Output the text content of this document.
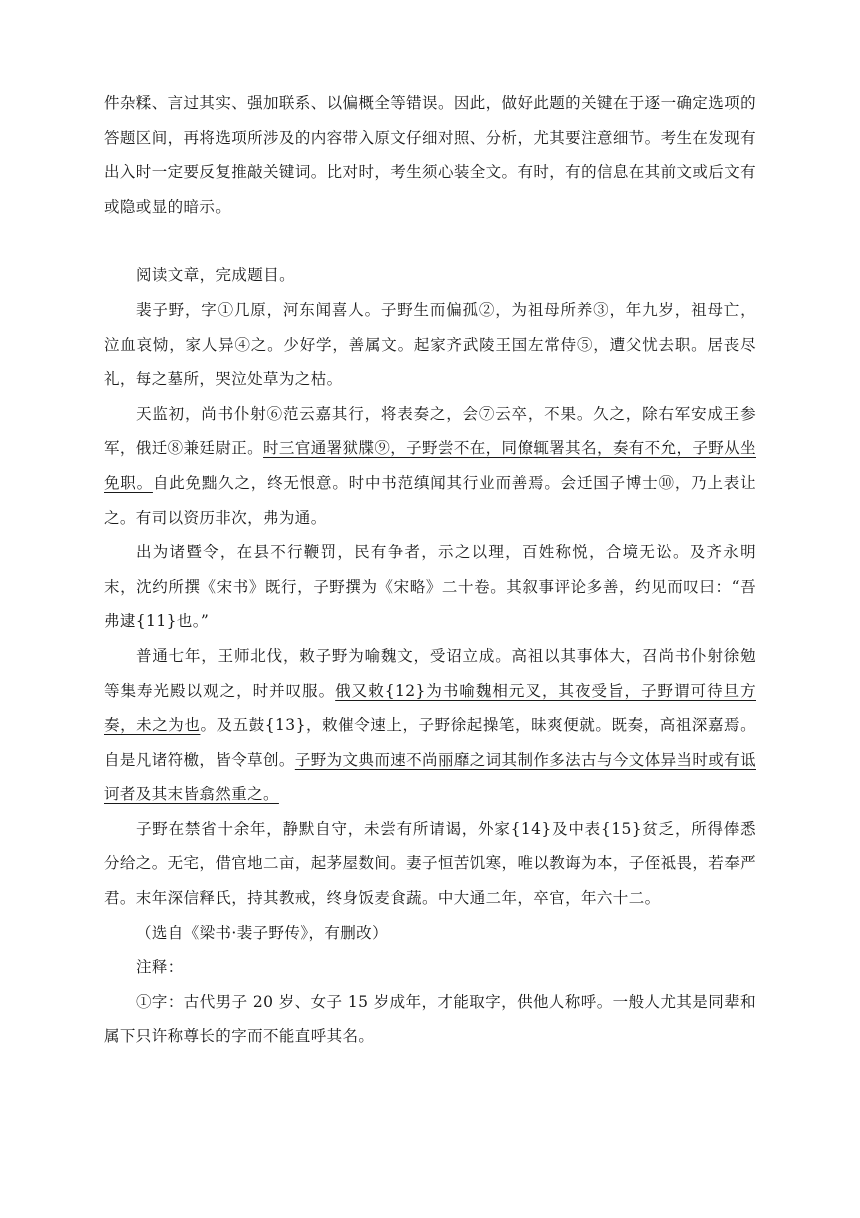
件杂糅、言过其实、强加联系、以偏概全等错误。因此，做好此题的关键在于逐一确定选项的答题区间，再将选项所涉及的内容带入原文仔细对照、分析，尤其要注意细节。考生在发现有出入时一定要反复推敲关键词。比对时，考生须心装全文。有时，有的信息在其前文或后文有或隐或显的暗示。

阅读文章，完成题目。

裴子野，字①几原，河东闻喜人。子野生而偏孤②，为祖母所养③，年九岁，祖母亡，泣血哀恸，家人异④之。少好学，善属文。起家齐武陵王国左常侍⑤，遭父忧去职。居丧尽礼，每之墓所，哭泣处草为之枯。

天监初，尚书仆射⑥范云嘉其行，将表奏之，会⑦云卒，不果。久之，除右军安成王参军，俄迁⑧兼廷尉正。时三官通署狱牒⑨，子野尝不在，同僚辄署其名，奏有不允，子野从坐免职。自此免黜久之，终无恨意。时中书范缜闻其行业而善焉。会迁国子博士⑩，乃上表让之。有司以资历非次，弗为通。

出为诸暨令，在县不行鞭罚，民有争者，示之以理，百姓称悦，合境无讼。及齐永明末，沈约所撰《宋书》既行，子野撰为《宋略》二十卷。其叙事评论多善，约见而叹曰：“吾弗逮{11}也。”

普通七年，王师北伐，敕子野为喻魏文，受诏立成。高祖以其事体大，召尚书仆射徐勉等集寿光殿以观之，时并叹服。俄又敕{12}为书喻魏相元叉，其夜受旨，子野谓可待旦方奏，未之为也。及五鼓{13}，敕催令速上，子野徐起操笔，昧爽便就。既奏，高祖深嘉焉。自是凡诸符檄，皆令草创。子野为文典而速不尚丽靡之词其制作多法古与今文体异当时或有诋诃者及其末皆翕然重之。

子野在禁省十余年，静默自守，未尝有所请谒，外家{14}及中表{15}贫乏，所得俸悉分给之。无宅，借官地二亩，起茅屋数间。妻子恒苦饥寒，唯以教诲为本，子侄祗畏，若奉严君。末年深信释氏，持其教戒，终身饭麦食蔬。中大通二年，卒官，年六十二。

（选自《梁书·裴子野传》，有删改）

注释：

①字：古代男子 20 岁、女子 15 岁成年，才能取字，供他人称呼。一般人尤其是同辈和属下只许称尊长的字而不能直呼其名。
